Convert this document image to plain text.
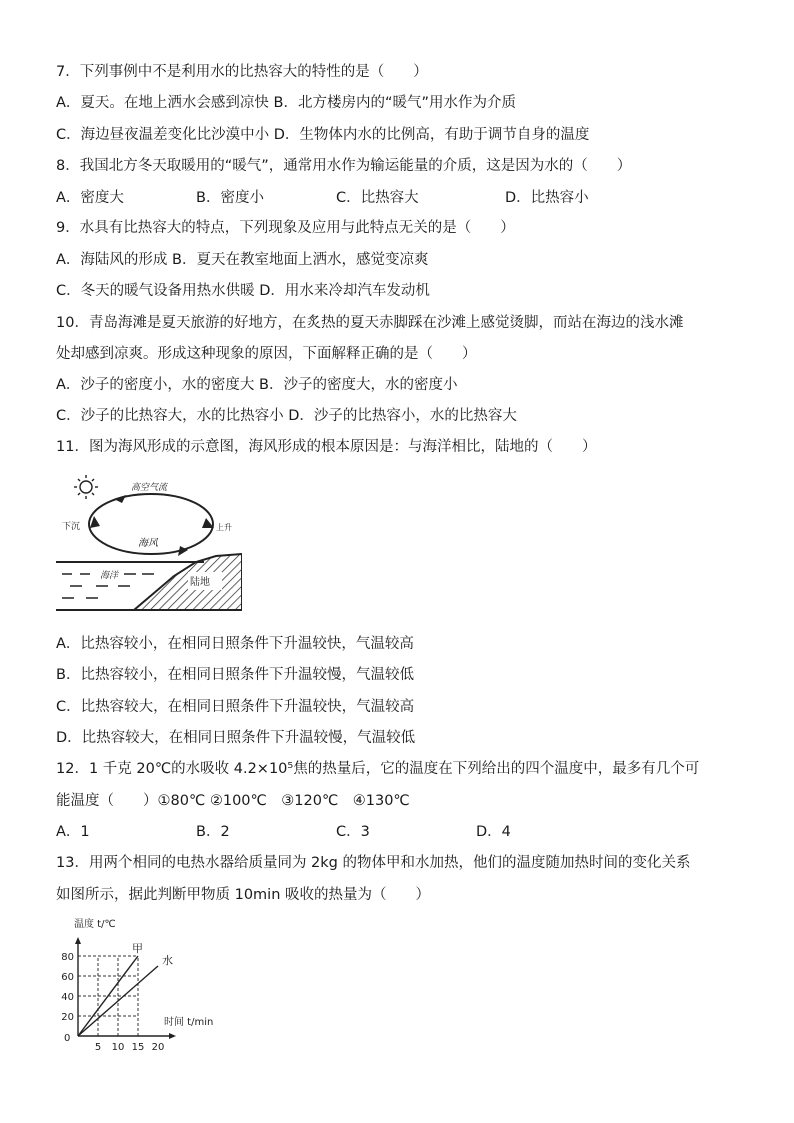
7．下列事例中不是利用水的比热容大的特性的是（　　）
A．夏天。在地上洒水会感到凉快 B．北方楼房内的“暖气”用水作为介质
C．海边昼夜温差变化比沙漠中小 D．生物体内水的比例高，有助于调节自身的温度
8．我国北方冬天取暖用的“暖气”，通常用水作为输运能量的介质，这是因为水的（　　）
A．密度大	B．密度小	C．比热容大	D．比热容小
9．水具有比热容大的特点，下列现象及应用与此特点无关的是（　　）
A．海陆风的形成 B．夏天在教室地面上洒水，感觉变凉爽
C．冬天的暖气设备用热水供暖 D．用水来冷却汽车发动机
10．青岛海滩是夏天旅游的好地方，在炙热的夏天赤脚踩在沙滩上感觉烫脚，而站在海边的浅水滩
处却感到凉爽。形成这种现象的原因，下面解释正确的是（　　）
A．沙子的密度小，水的密度大 B．沙子的密度大，水的密度小
C．沙子的比热容大，水的比热容小 D．沙子的比热容小，水的比热容大
11．图为海风形成的示意图，海风形成的根本原因是：与海洋相比，陆地的（　　）
高空气流
下沉	上升
海风
陆地
海洋
A．比热容较小，在相同日照条件下升温较快，气温较高
B．比热容较小，在相同日照条件下升温较慢，气温较低
C．比热容较大，在相同日照条件下升温较快，气温较高
D．比热容较大，在相同日照条件下升温较慢，气温较低
12．1 千克 20℃的水吸收 4.2×10⁵焦的热量后，它的温度在下列给出的四个温度中，最多有几个可
能温度（　　）①80℃ ②100℃　③120℃　④130℃
A．1	B．2	C．3	D．4
13．用两个相同的电热水器给质量同为 2kg 的物体甲和水加热，他们的温度随加热时间的变化关系
如图所示，据此判断甲物质 10min 吸收的热量为（　　）
20
40
60
80
5 10 15 20
甲
水
温度 t/℃
时间 t/min
0
